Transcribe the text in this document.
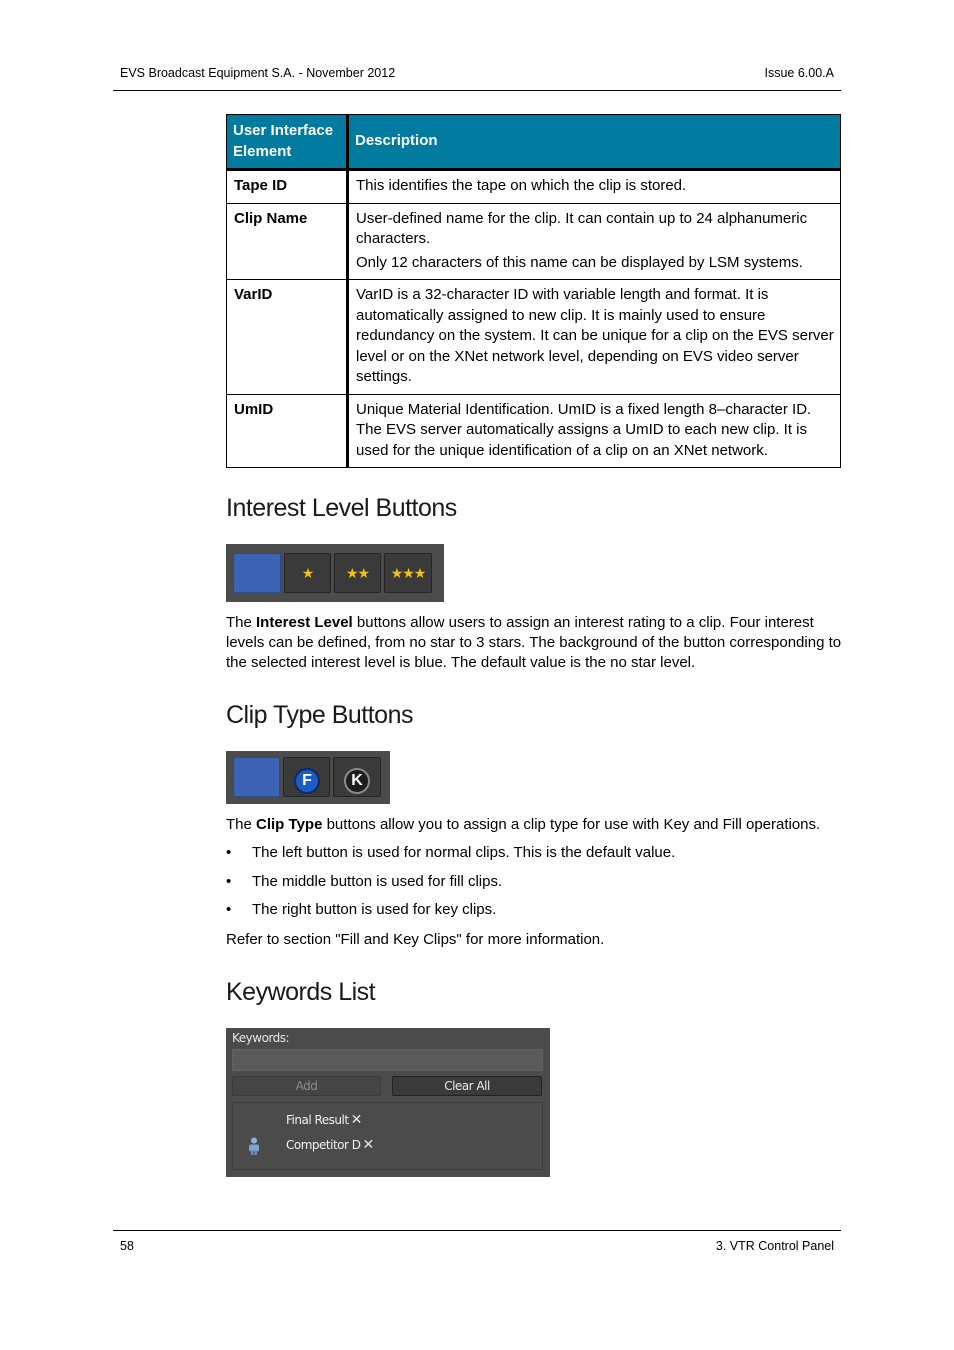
EVS Broadcast Equipment S.A. - November 2012	Issue 6.00.A
User Interface Element	Description
Tape ID	This identifies the tape on which the clip is stored.

Clip Name	User-defined name for the clip. It can contain up to 24 alphanumeric characters.

Only 12 characters of this name can be displayed by LSM systems.

VarID	VarID is a 32-character ID with variable length and format. It is automatically assigned to new clip. It is mainly used to ensure redundancy on the system. It can be unique for a clip on the EVS server level or on the XNet network level, depending on EVS video server settings.

UmID	Unique Material Identification. UmID is a fixed length 8–character ID. The EVS server automatically assigns a UmID to each new clip. It is used for the unique identification of a clip on an XNet network.

Interest Level Buttons
★	★★	★★★
The Interest Level buttons allow users to assign an interest rating to a clip. Four interest levels can be defined, from no star to 3 stars. The background of the button corresponding to the selected interest level is blue. The default value is the no star level.
Clip Type Buttons
F	K
The Clip Type buttons allow you to assign a clip type for use with Key and Fill operations.
• The left button is used for normal clips. This is the default value.
• The middle button is used for fill clips.
• The right button is used for key clips.
Refer to section "Fill and Key Clips" for more information.
Keywords List
Keywords:
Add	Clear All
Final Result ✕
Competitor D ✕
58	3. VTR Control Panel
